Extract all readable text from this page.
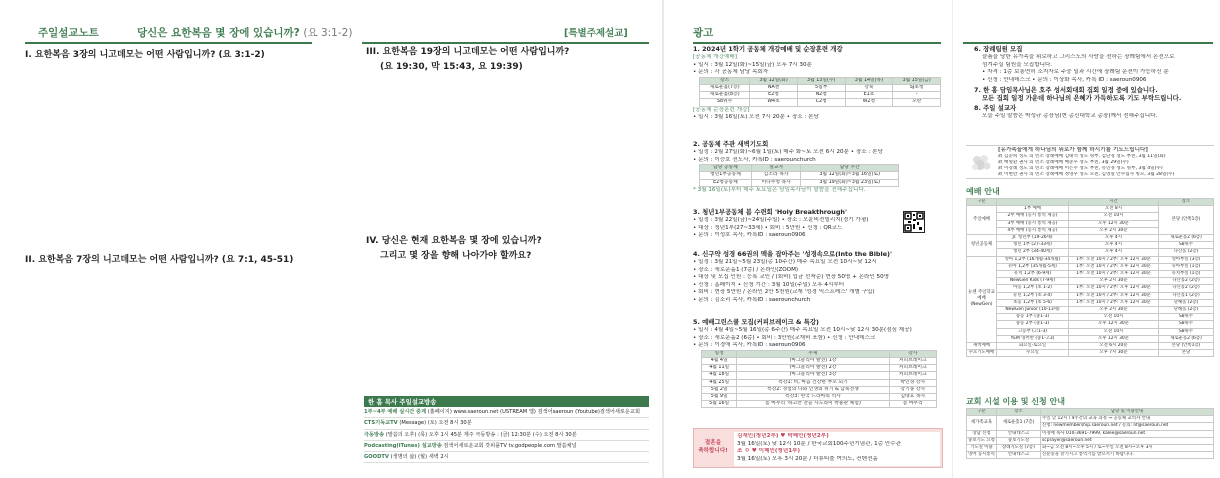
주일설교노트	당신은 요한복음 몇 장에 있습니까? (요 3:1-2)
I. 요한복음 3장의 니고데모는 어떤 사람입니까? (요 3:1-2)
II. 요한복음 7장의 니고데모는 어떤 사람입니까? (요 7:1, 45-51)
[특별주제설교]
III. 요한복음 19장의 니고데모는 어떤 사람입니까?
(요 19:30, 막 15:43, 요 19:39)
IV. 당신은 현재 요한복음 몇 장에 있습니까?
그리고 몇 장을 향해 나아가야 할까요?
한 홈 목사 주일설교방송
1부~4부 예배 실시간 중계 (홈페이지) www.saeroun.net (USTREAM 앱) 검색어saeroun (Youtube)검색어새로운교회
CTS기독교TV (Message) (토) 오전 8시 30분
극동방송 (말씀의 오후) (목) 오후 1시 45분 제주 극동방송 : (금) 12:30분 (수) 오전 8시 30분
Podcasting(iTunes) 설교방송 검색어새로운교회 갓피플TV tv.godpeople.com 말씀채널
GOODTV (생명의 삶) (월) 새벽 2시
광고
1. 2024년 1학기 공동체 개강예배 및 순장훈련 개강
[공동체 개강예배]
• 일시 : 3월 12일(화)~15일(금) 오후 7시 30분
• 문의 : 각 공동체 담당 목회자
장소	3월 12일(화)	3월 13일(수)	3월 14일(목)	3월 15일(금)
새로운홀(7층)	NA센	5집부	강북	SJ초청
새로운홀(8층)	E2청	N2청	E1초	-
S8위주	W4초	C2청	W2청	모란
[공동체 순장훈련 개강]
• 일시 : 3월 16일(토) 오전 7시 20분 • 장소 : 본당
2. 공동체 주관 새벽기도회
• 일정 : 2월 27일(화)~6월 1일(토) 매주 화~토 오전 6시 20분 • 장소 : 본당
• 문의 : 이승호 전도사, 카톡ID : saerounchurch
담당 공동체	설교자	담당 주간
청년1부공동체	김소라 목사	3월 12일(화)~3월 16일(토)
E2청공동체	이나무청 목사	3월 19일(화)~3월 23일(토)
* 3월 16일(토)부터 매주 토요일은 담임목사님이 말씀을 전해주십니다.
3. 청년1부공동체 봄 수련회 'Holy Breakthrough'
• 일정 : 3월 22일(금)~24일(주일) • 장소 : 오륜비전빌리지(경기 가평)
• 대상 : 청년1부(27~33세) • 회비 : 5만원 • 신청 : QR코드
• 문의 : 이성호 목사, 카톡ID : saeroun0906
4. 신구약 성경 66권의 맥을 잡아주는 '성경속으로(Into the Bible)'
• 일정 : 3월 21일~5월 23일(총 10주간) 매주 목요일 오전 10시~낮 12시
• 장소 : 새로운홀1 (7층) / 온라인(ZOOM)
• 대상 및 모집 인원 : 등록 교인 / (회비) 입금 선착순) 현장 50명 + 온라인 50명
• 신청 : 홈페이지 • 신청 기간 : 3월 10일(주일) 오후 4시부터
• 회비 : 현장 5만원 / 온라인 2만 5천원(교재 '성경 익스프레스' 개별 구입)
• 문의 : 김소리 목사, 카톡ID : saerounchurch
5. 예배그린스쿨 모집(커피브레이크 & 특강)
• 일시 : 4월 4일~5월 16일(총 6주간) 매주 목요일 오전 10시~낮 12시 30분(점심 제공)
• 장소 : 새로운홀2 (6층) • 회비 : 3만원(교재비 포함) • 신청 : 안내데스크
• 문의 : 이경애 목사, 카톡ID : saeroun0906
일정	주제	강사
4월 4일	(마그놀리아 발견) 1강	커피브레이크
4월 11일	(마그놀리아 발견) 2강	커피브레이크
4월 18일	(마그놀리아 발견) 3강	커피브레이크
4월 25일	특강1: 비, 마음 건강한 부모 되기	박인경 강사
5월 2일	특강2: 경험의 나와 인생의 위기 & 남북전쟁	강기종 강사
5월 9일	특강3: 한국 드라마의 역사	김대호 목사
5월 16일	봄 마무리 '하고만 잔들 사도라이 박물관 체험)	봄 마무리
결혼을
축하합니다!
김재민(청년2부) ♥ 박혜민(청년2부)
3월 16일(토) 낮 12시 10분 / 한국교회100주년기념관, 1층 안수관
조 ㅇ ♥ 이혜민(청년1부)
3월 16일(토) 오후 3시 20분 / 더뷰티풀 여의도, 컨벤션홀
6. 장례팀원 모집
슬픔을 당한 유가족을 위로하고 그리스도의 사랑을 전하는 장례팀에서 온전으로
섬겨주실 팀원을 모집합니다.
• 자격 : 1층 보통면허 소지자로 주중 일과 시간에 장례팀 운전이 가능하신 분
• 신청 : 안내데스크 • 문의 : 이상화 목사, 카톡 ID : saeroun0906
7. 한 홍 담임목사님은 호주 성서회대회 집회 일정 중에 있습니다.
모든 집회 일정 가운데 하나님의 은혜가 가득하도록 기도 부탁드립니다.
8. 주일 설교자
오늘 주일 말씀은 박성규 총장님(현 총신대학교 총장)께서 전해주십니다.
[유가족들에게 하나님의 위로가 함께 하시기를 기도드립니다]
故 김준희 성도 의 빈소 장례예배 김태석 성도 빙부, 김단경 성도 부친, 3월 11일(화)
故 배명환 권사 의 빈소 장례예배 배준우 성도 부친, 3월 29일(수)
故 이강례 성도 의 빈소 장례예배 이은주 성도 부친, 유인경 성도 빙부, 3월 4일(수)
故 이현만 권사 의 빈소 장례예배 정영우 성도 모친, 김영실 안수집사 빙모, 3월 28일(수)
예배 안내
구분		시간	장소
주일예배	1부 예배	오전 8시	본당 (안쪽1층)
	2부 예배 (동시 통역 제공)	오전 10시	
	3부 예배 (동시 통역 제공)	오후 12시 30분	
	4부 예배 (동시 통역 제공)	오후 2시 30분	
청년공동체	Jr. 청년부 (19-26세)	오후 4시	새로운홀2 (6층)
	청년 1부 (27-33세)	오후 4시	S8위주
	청년 2부 (34-40세)	오후 4시	다산홀 (2층)
뉴젠 주일학교 예배 (NewGen)	영아 1,2부 (16개월-34개월)	1부: 오전 10시 / 2부: 오후 12시 30분	영아부실 (3층)
	유아 1,2부 (35개월-5세)	1부: 오전 10시 / 2부: 오후 12시 30분	유아부실 (1층)
	유치 1,2부 (6-9세)	1부: 오전 10시 / 2부: 오후 12시 30분	유치부실 (1층)
	NewGen Kids (7-9세)	오후 2시 30분	다산홀2 (2층)
	아동 1,2부 (초 1-2)	1부: 오전 10시 / 2부: 오후 12시 30분	다산홀2 (2층)
	유년 1,2부 (초 3-4)	1부: 오전 10시 / 2부: 오후 12시 30분	다산홀1 (2층)
	초등 1,2부 (초 5-6)	1부: 오전 10시 / 2부: 오후 12시 30분	단해홀 (2층)
	NewGen Junior (10-13세)	오후 2시 30분	단해홀 (2층)
	중등 1부 (중1-3)	오전 10시	S8위주
	중등 2부 (중1-3)	오후 12시 30분	S8위주
	고등부 (고1-3)	오전 10시	S8위주
	YEM 영어반 (중1-고3)	오후 12시 30분	새로운홀2 (6층)
새벽예배	화요일-토요일	오전 6시 20분	본당 (안쪽1층)
수요기도예배	수요일	오후 7시 30분	본당
교회 시설 이용 및 신청 안내
구분	장소	담당 및 이용안내
세가족교육	새로운홀1 (7층)	주일 낮 12시 / 4주간의 교육 과정 → 공동체 교역자 안내
		신청: newmembership.saeroun.net / 문의: nf@saeroun.net
상담 신청	안내데스크	이경애 목사 010-3691-7999, kalee@saeroun.net
중보기도 요청	중보기도실	scprayer@saeroun.net
기도실 이용	장례기도실 (7층)	화~금 오전 8시~오후 5시 / 토~주일 오전 8시~오후 3시
영어 동시통역	안내데스크	신분증을 맡기시고 통역기를 받으시기 바랍니다.
